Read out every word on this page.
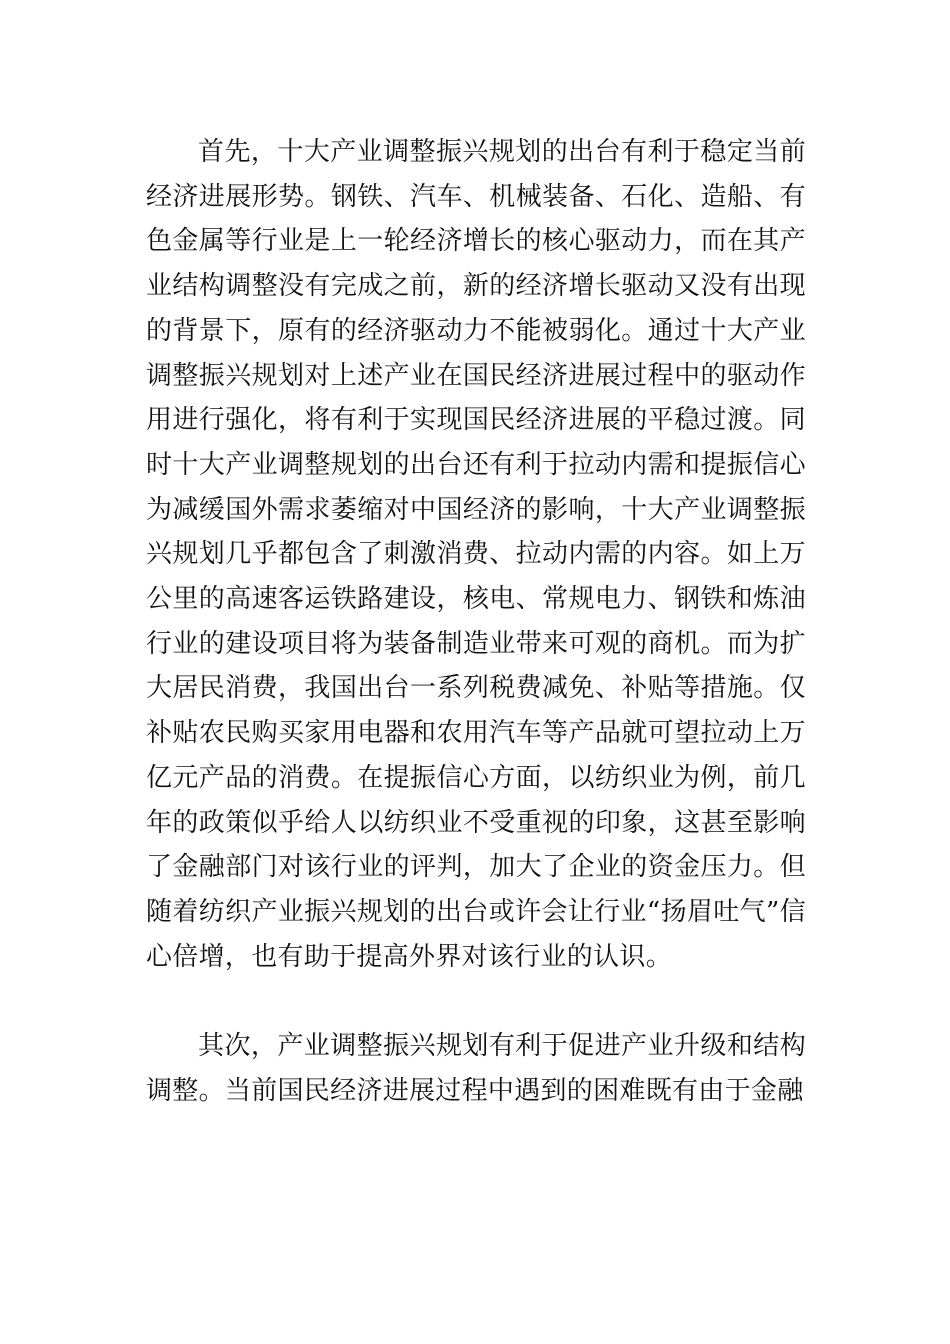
首先，十大产业调整振兴规划的出台有利于稳定当前经济进展形势。钢铁、汽车、机械装备、石化、造船、有色金属等行业是上一轮经济增长的核心驱动力，而在其产业结构调整没有完成之前，新的经济增长驱动又没有出现的背景下，原有的经济驱动力不能被弱化。通过十大产业调整振兴规划对上述产业在国民经济进展过程中的驱动作用进行强化，将有利于实现国民经济进展的平稳过渡。同时十大产业调整规划的出台还有利于拉动内需和提振信心为减缓国外需求萎缩对中国经济的影响，十大产业调整振兴规划几乎都包含了刺激消费、拉动内需的内容。如上万公里的高速客运铁路建设，核电、常规电力、钢铁和炼油行业的建设项目将为装备制造业带来可观的商机。而为扩大居民消费，我国出台一系列税费减免、补贴等措施。仅补贴农民购买家用电器和农用汽车等产品就可望拉动上万亿元产品的消费。在提振信心方面，以纺织业为例，前几年的政策似乎给人以纺织业不受重视的印象，这甚至影响了金融部门对该行业的评判，加大了企业的资金压力。但随着纺织产业振兴规划的出台或许会让行业“扬眉吐气”信心倍增，也有助于提高外界对该行业的认识。

其次，产业调整振兴规划有利于促进产业升级和结构调整。当前国民经济进展过程中遇到的困难既有由于金融
